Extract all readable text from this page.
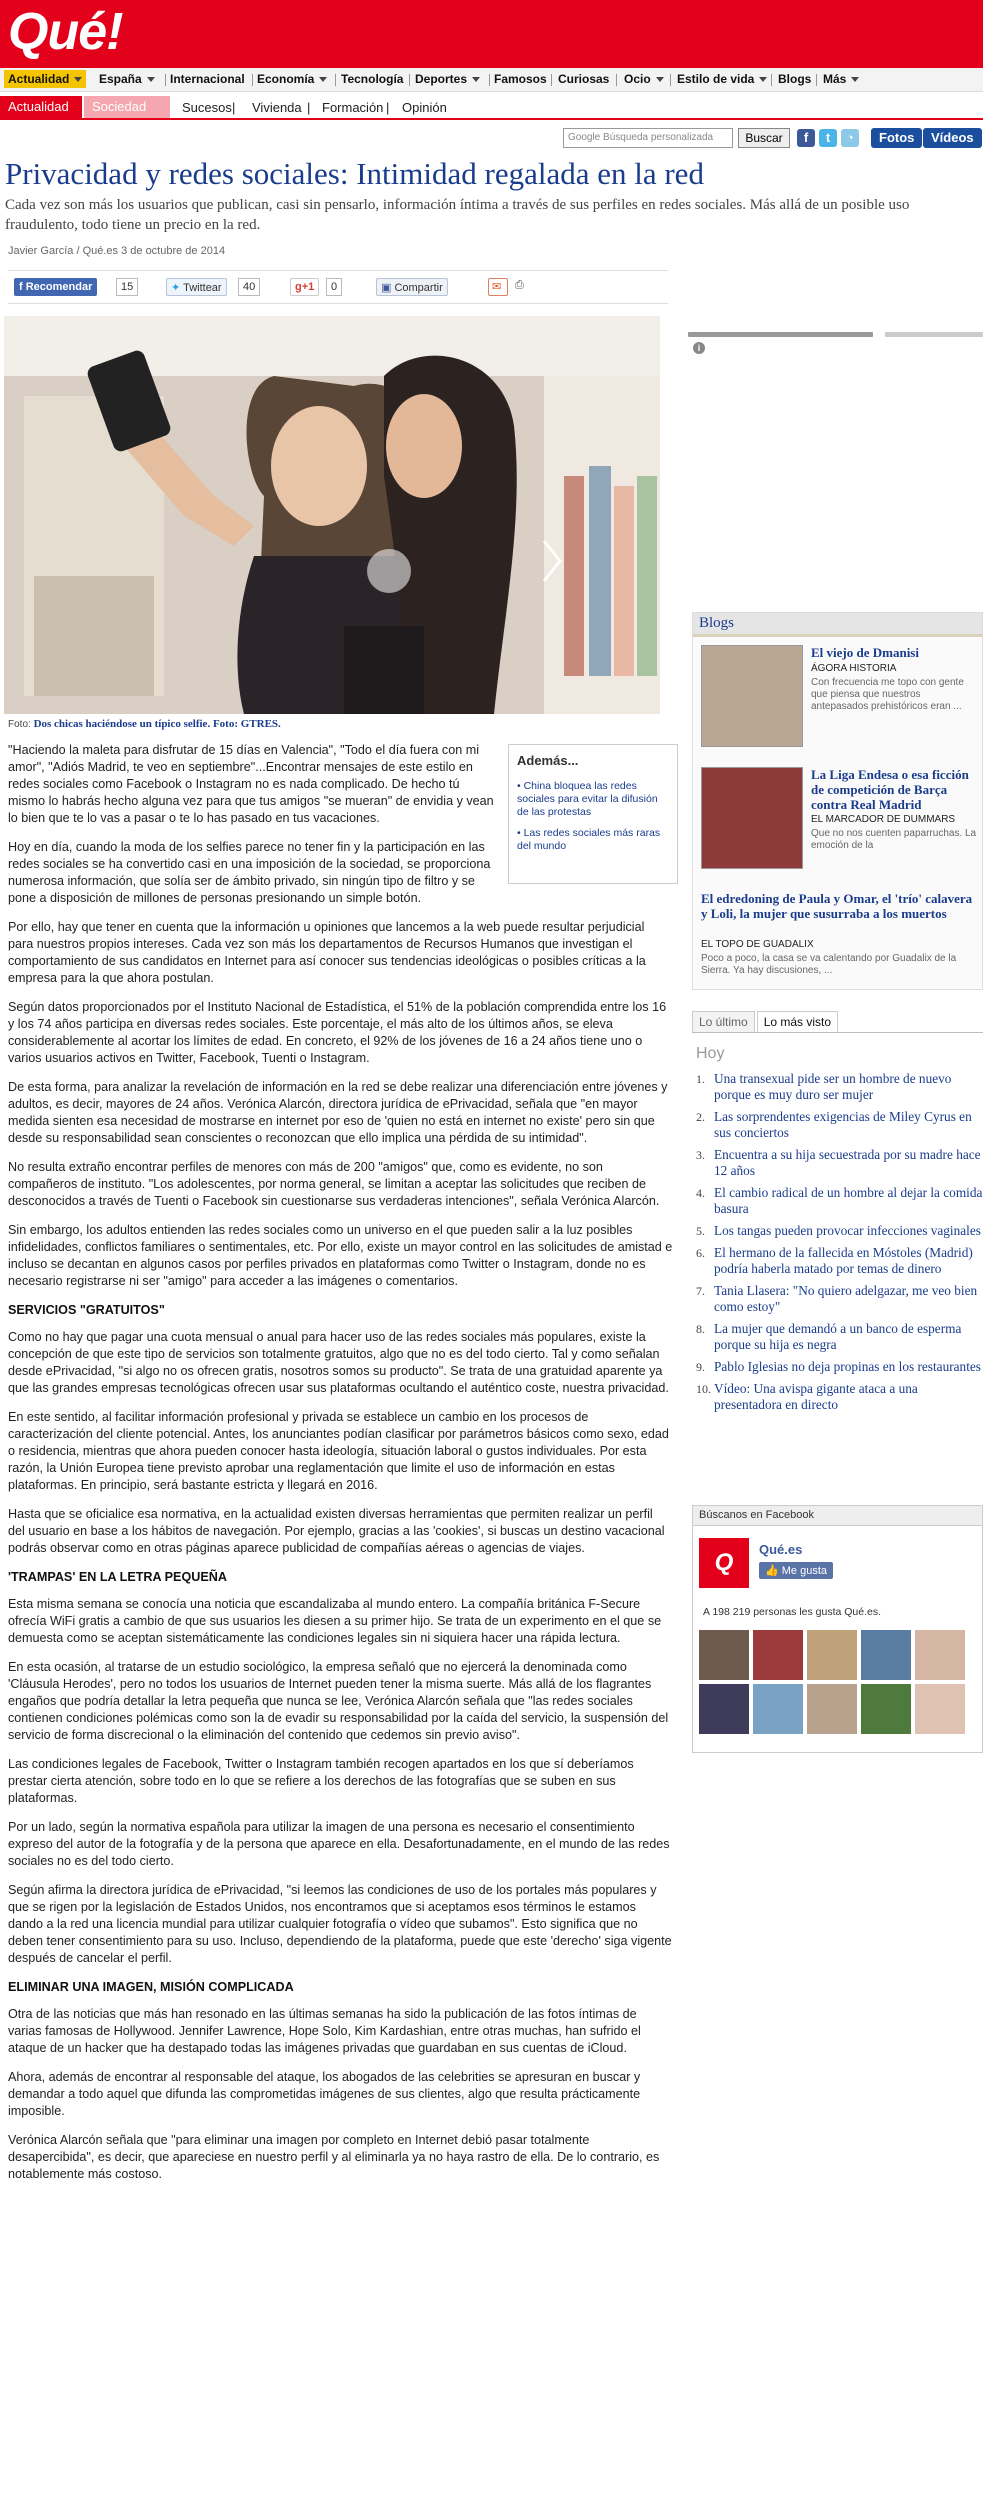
Qué!
Actualidad	España	Internacional Economía	Tecnología Deportes	Famosos Curiosas Ocio	Estilo de vida	Blogs Más
Actualidad	Sociedad	Sucesos | Vivienda | Formación | Opinión
Google Búsqueda personalizada	Buscar	f	t	◔	Fotos	Vídeos
Privacidad y redes sociales: Intimidad regalada en la red
Cada vez son más los usuarios que publican, casi sin pensarlo, información íntima a través de sus perfiles en redes sociales. Más allá de un posible uso fraudulento, todo tiene un precio en la red.
Javier García / Qué.es 3 de octubre de 2014
f Recomendar	15	✦ Twittear	40	g+1	0	▣ Compartir	✉	⎙
Foto: Dos chicas haciéndose un típico selfie. Foto: GTRES.
Además...
• China bloquea las redes sociales para evitar la difusión de las protestas
• Las redes sociales más raras del mundo

"Haciendo la maleta para disfrutar de 15 días en Valencia", "Todo el día fuera con mi amor", "Adiós Madrid, te veo en septiembre"...Encontrar mensajes de este estilo en redes sociales como Facebook o Instagram no es nada complicado. De hecho tú mismo lo habrás hecho alguna vez para que tus amigos "se mueran" de envidia y vean lo bien que te lo vas a pasar o te lo has pasado en tus vacaciones.

Hoy en día, cuando la moda de los selfies parece no tener fin y la participación en las redes sociales se ha convertido casi en una imposición de la sociedad, se proporciona numerosa información, que solía ser de ámbito privado, sin ningún tipo de filtro y se pone a disposición de millones de personas presionando un simple botón.

Por ello, hay que tener en cuenta que la información u opiniones que lancemos a la web puede resultar perjudicial para nuestros propios intereses. Cada vez son más los departamentos de Recursos Humanos que investigan el comportamiento de sus candidatos en Internet para así conocer sus tendencias ideológicas o posibles críticas a la empresa para la que ahora postulan.

Según datos proporcionados por el Instituto Nacional de Estadística, el 51% de la población comprendida entre los 16 y los 74 años participa en diversas redes sociales. Este porcentaje, el más alto de los últimos años, se eleva considerablemente al acortar los límites de edad. En concreto, el 92% de los jóvenes de 16 a 24 años tiene uno o varios usuarios activos en Twitter, Facebook, Tuenti o Instagram.

De esta forma, para analizar la revelación de información en la red se debe realizar una diferenciación entre jóvenes y adultos, es decir, mayores de 24 años. Verónica Alarcón, directora jurídica de ePrivacidad, señala que "en mayor medida sienten esa necesidad de mostrarse en internet por eso de 'quien no está en internet no existe' pero sin que desde su responsabilidad sean conscientes o reconozcan que ello implica una pérdida de su intimidad".

No resulta extraño encontrar perfiles de menores con más de 200 "amigos" que, como es evidente, no son compañeros de instituto. "Los adolescentes, por norma general, se limitan a aceptar las solicitudes que reciben de desconocidos a través de Tuenti o Facebook sin cuestionarse sus verdaderas intenciones", señala Verónica Alarcón.

Sin embargo, los adultos entienden las redes sociales como un universo en el que pueden salir a la luz posibles infidelidades, conflictos familiares o sentimentales, etc. Por ello, existe un mayor control en las solicitudes de amistad e incluso se decantan en algunos casos por perfiles privados en plataformas como Twitter o Instagram, donde no es necesario registrarse ni ser "amigo" para acceder a las imágenes o comentarios.

SERVICIOS "GRATUITOS"

Como no hay que pagar una cuota mensual o anual para hacer uso de las redes sociales más populares, existe la concepción de que este tipo de servicios son totalmente gratuitos, algo que no es del todo cierto. Tal y como señalan desde ePrivacidad, "si algo no os ofrecen gratis, nosotros somos su producto". Se trata de una gratuidad aparente ya que las grandes empresas tecnológicas ofrecen usar sus plataformas ocultando el auténtico coste, nuestra privacidad.

En este sentido, al facilitar información profesional y privada se establece un cambio en los procesos de caracterización del cliente potencial. Antes, los anunciantes podían clasificar por parámetros básicos como sexo, edad o residencia, mientras que ahora pueden conocer hasta ideología, situación laboral o gustos individuales. Por esta razón, la Unión Europea tiene previsto aprobar una reglamentación que limite el uso de información en estas plataformas. En principio, será bastante estricta y llegará en 2016.

Hasta que se oficialice esa normativa, en la actualidad existen diversas herramientas que permiten realizar un perfil del usuario en base a los hábitos de navegación. Por ejemplo, gracias a las 'cookies', si buscas un destino vacacional podrás observar como en otras páginas aparece publicidad de compañías aéreas o agencias de viajes.

'TRAMPAS' EN LA LETRA PEQUEÑA

Esta misma semana se conocía una noticia que escandalizaba al mundo entero. La compañía británica F-Secure ofrecía WiFi gratis a cambio de que sus usuarios les diesen a su primer hijo. Se trata de un experimento en el que se demuesta como se aceptan sistemáticamente las condiciones legales sin ni siquiera hacer una rápida lectura.

En esta ocasión, al tratarse de un estudio sociológico, la empresa señaló que no ejercerá la denominada como 'Cláusula Herodes', pero no todos los usuarios de Internet pueden tener la misma suerte. Más allá de los flagrantes engaños que podría detallar la letra pequeña que nunca se lee, Verónica Alarcón señala que "las redes sociales contienen condiciones polémicas como son la de evadir su responsabilidad por la caída del servicio, la suspensión del servicio de forma discrecional o la eliminación del contenido que cedemos sin previo aviso".

Las condiciones legales de Facebook, Twitter o Instagram también recogen apartados en los que sí deberíamos prestar cierta atención, sobre todo en lo que se refiere a los derechos de las fotografías que se suben en sus plataformas.

Por un lado, según la normativa española para utilizar la imagen de una persona es necesario el consentimiento expreso del autor de la fotografía y de la persona que aparece en ella. Desafortunadamente, en el mundo de las redes sociales no es del todo cierto.

Según afirma la directora jurídica de ePrivacidad, "si leemos las condiciones de uso de los portales más populares y que se rigen por la legislación de Estados Unidos, nos encontramos que si aceptamos esos términos le estamos dando a la red una licencia mundial para utilizar cualquier fotografía o vídeo que subamos". Esto significa que no deben tener consentimiento para su uso. Incluso, dependiendo de la plataforma, puede que este 'derecho' siga vigente después de cancelar el perfil.

ELIMINAR UNA IMAGEN, MISIÓN COMPLICADA

Otra de las noticias que más han resonado en las últimas semanas ha sido la publicación de las fotos íntimas de varias famosas de Hollywood. Jennifer Lawrence, Hope Solo, Kim Kardashian, entre otras muchas, han sufrido el ataque de un hacker que ha destapado todas las imágenes privadas que guardaban en sus cuentas de iCloud.

Ahora, además de encontrar al responsable del ataque, los abogados de las celebrities se apresuran en buscar y demandar a todo aquel que difunda las comprometidas imágenes de sus clientes, algo que resulta prácticamente imposible.

Verónica Alarcón señala que "para eliminar una imagen por completo en Internet debió pasar totalmente desapercibida", es decir, que apareciese en nuestro perfil y al eliminarla ya no haya rastro de ella. De lo contrario, es notablemente más costoso.

i
Blogs
El viejo de Dmanisi
ÁGORA HISTORIA
Con frecuencia me topo con gente que piensa que nuestros antepasados prehistóricos eran ...
La Liga Endesa o esa ficción de competición de Barça contra Real Madrid
EL MARCADOR DE DUMMARS
Que no nos cuenten paparruchas. La emoción de la
El edredoning de Paula y Omar, el 'trío' calavera y Loli, la mujer que susurraba a los muertos
EL TOPO DE GUADALIX
Poco a poco, la casa se va calentando por Guadalix de la Sierra. Ya hay discusiones, ...
Lo último Lo más visto
Hoy
1. Una transexual pide ser un hombre de nuevo porque es muy duro ser mujer
2. Las sorprendentes exigencias de Miley Cyrus en sus conciertos
3. Encuentra a su hija secuestrada por su madre hace 12 años
4. El cambio radical de un hombre al dejar la comida basura
5. Los tangas pueden provocar infecciones vaginales
6. El hermano de la fallecida en Móstoles (Madrid) podría haberla matado por temas de dinero
7. Tania Llasera: "No quiero adelgazar, me veo bien como estoy"
8. La mujer que demandó a un banco de esperma porque su hija es negra
9. Pablo Iglesias no deja propinas en los restaurantes
10. Vídeo: Una avispa gigante ataca a una presentadora en directo
Búscanos en Facebook
Q	Qué.es
👍 Me gusta
A 198 219 personas les gusta Qué.es.
